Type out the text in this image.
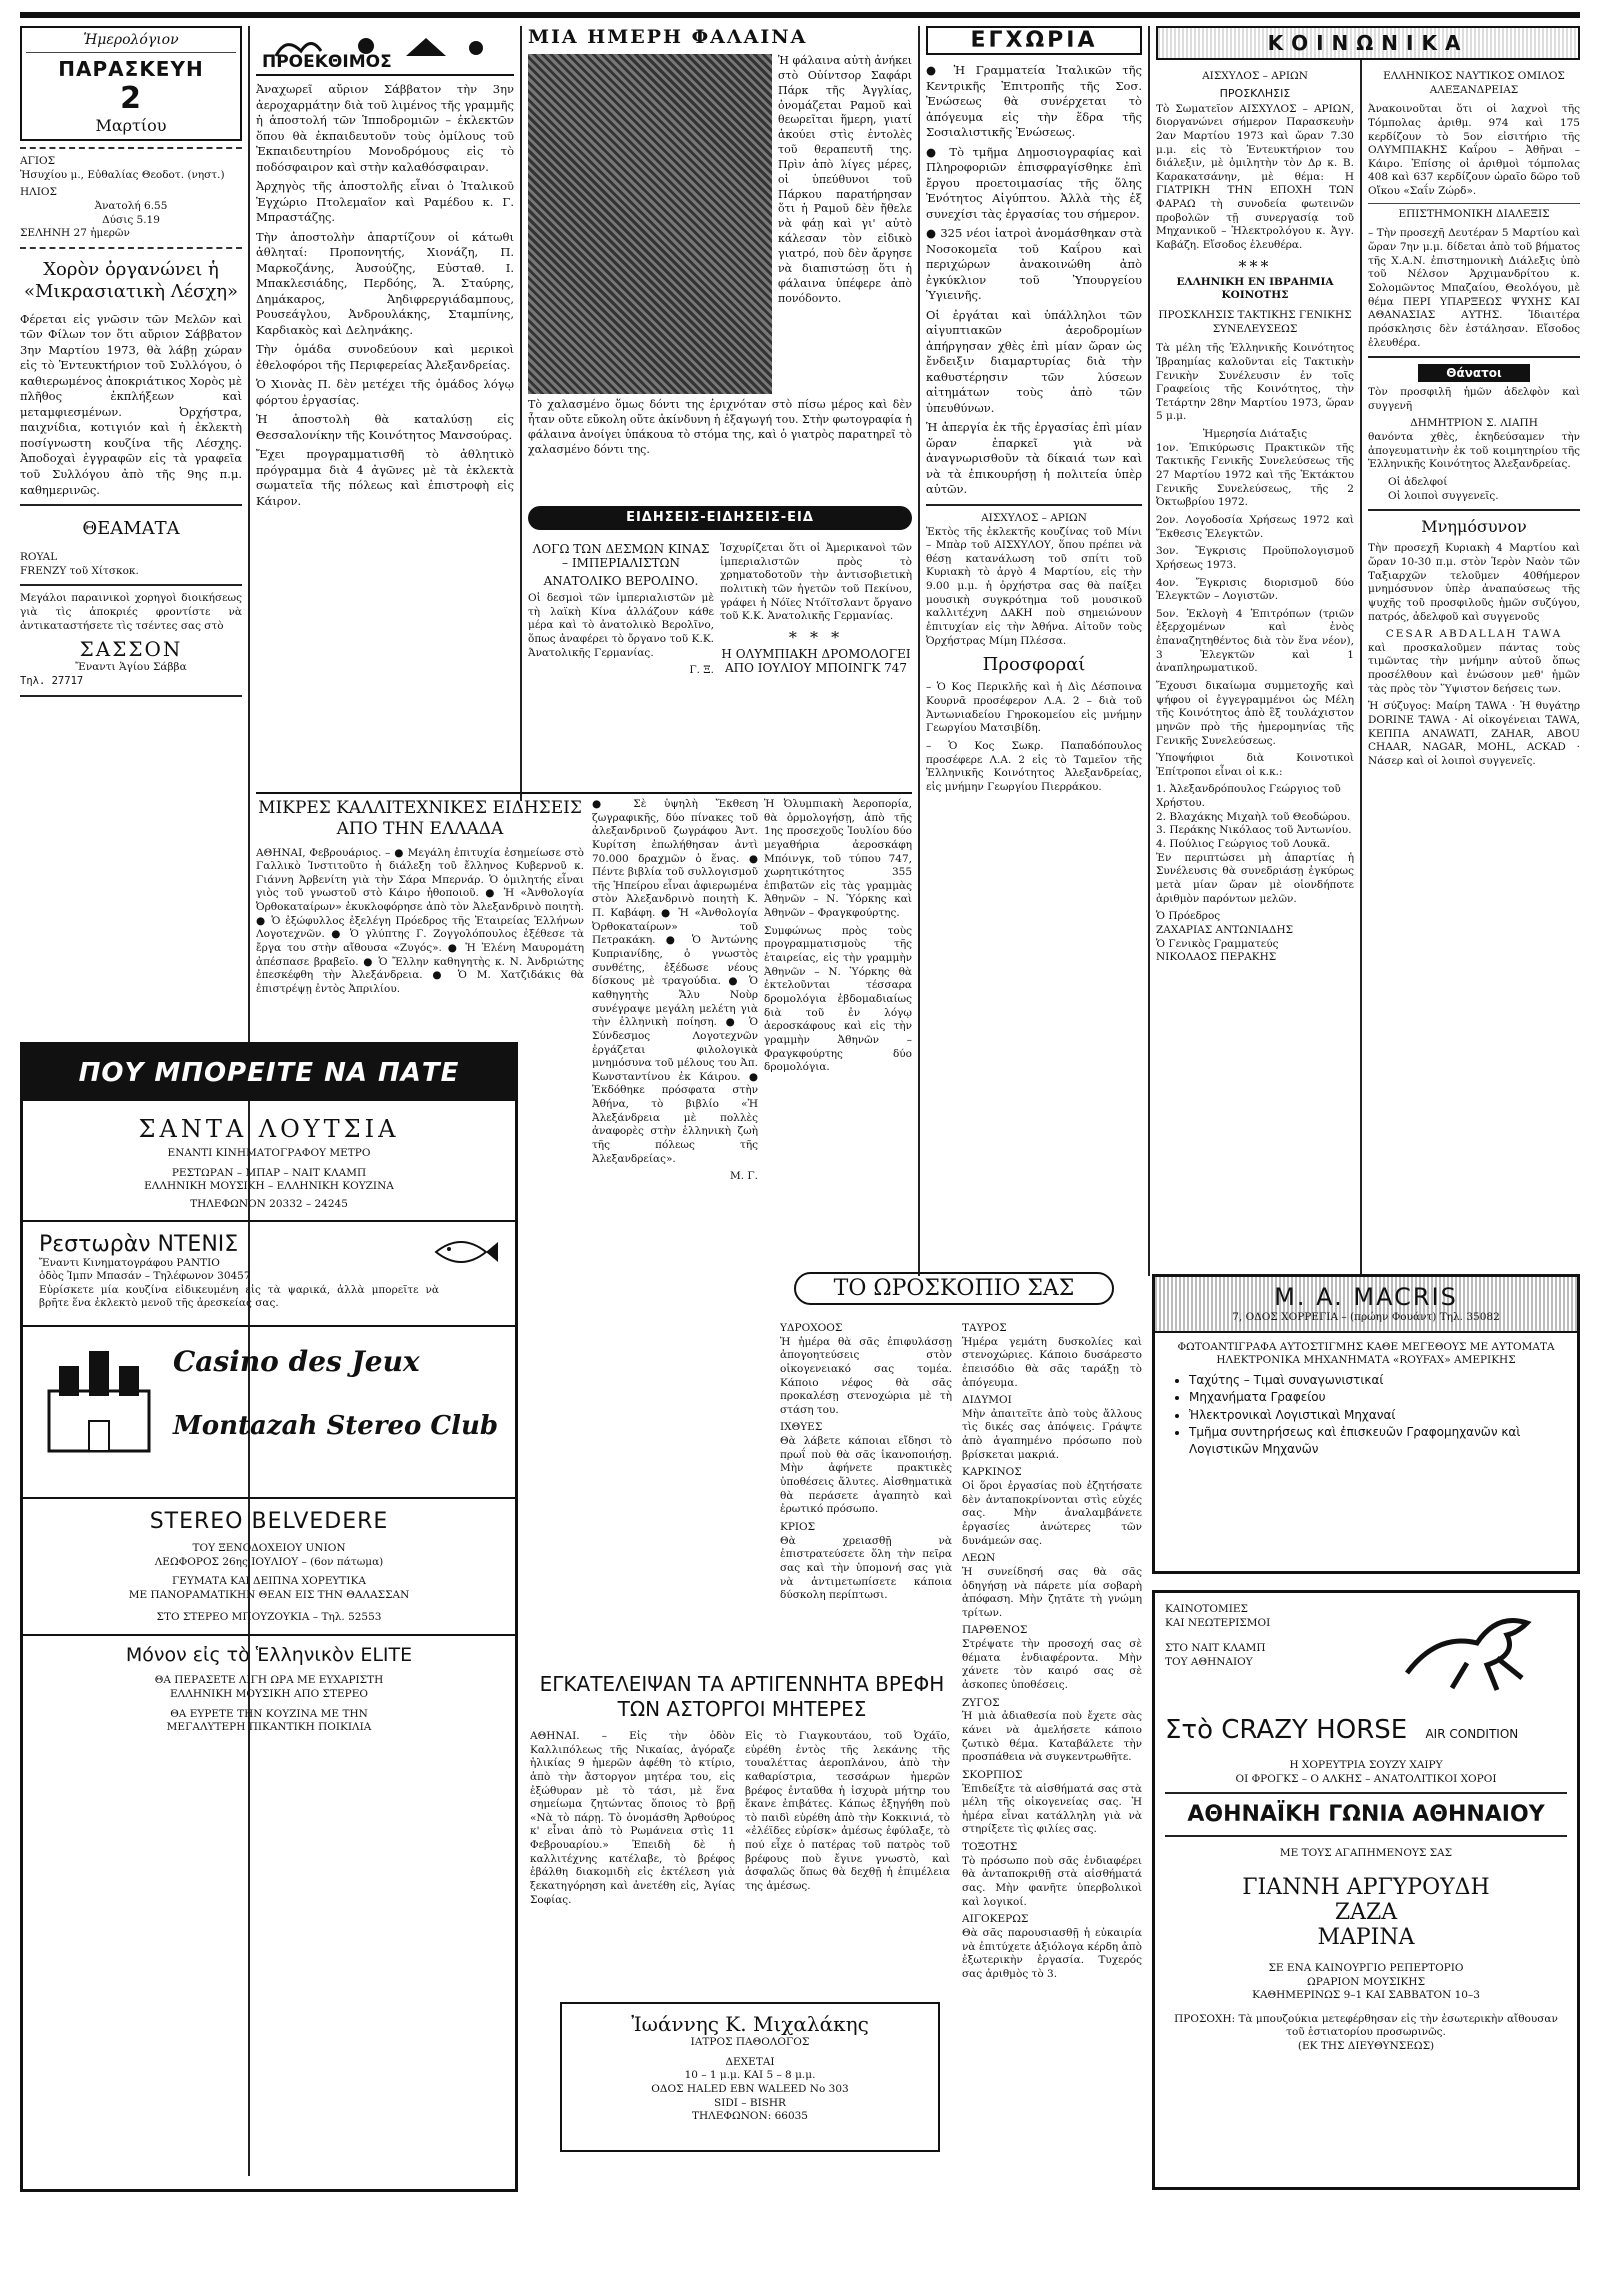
Ἡμερολόγιον
ΠΑΡΑΣΚΕΥΗ
2
Μαρτίου
ΑΓΙΟΣ
Ἡσυχίου μ., Εὐθαλίας Θεοδοτ. (νηστ.)
ΗΛΙΟΣ
Ἀνατολή 6.55
Δύσις 5.19
ΣΕΛΗΝΗ 27 ἡμερῶν
Χορὸν ὀργανώνει ἡ «Μικρασιατικὴ Λέσχη»

Φέρεται εἰς γνῶσιν τῶν Μελῶν καὶ τῶν Φίλων τον ὅτι αὔριον Σάββατον 3ην Μαρτίου 1973, θὰ λάβῃ χώραν εἰς τὸ Ἐντευκτήριον τοῦ Συλλόγου, ὁ καθιερωμένος ἀποκριάτικος Χορὸς μὲ πλῆθος ἐκπλήξεων καὶ μεταμφιεσμένων. Ὀρχήστρα, παιχνίδια, κοτιγιόν καὶ ἡ ἐκλεκτὴ ποσίγνωστη κουζίνα τῆς Λέσχης. Ἀποδοχαὶ ἐγγραφῶν εἰς τὰ γραφεῖα τοῦ Συλλόγου ἀπὸ τῆς 9ης π.μ. καθημερινῶς.

ΘΕΑΜΑΤΑ
ROYAL
FRENZY τοῦ Χίτσκοκ.

Μεγάλοι παραινικοὶ χορηγοὶ διοικήσεως γιὰ τὶς ἀποκριές φροντίστε νὰ ἀντικαταστήσετε τὶς τσέντες σας στὸ

ΣΑΣΣΟΝ
Ἔναντι Ἁγίου Σάββα
Τηλ. 27717
ΠΡΟΕΚΘΙΜΟΣ

Ἀναχωρεῖ αὔριον Σάββατον τὴν 3ην ἀεροχαρμάτην διὰ τοῦ λιμένος τῆς γραμμῆς ἡ ἀποστολή τῶν Ἱπποδρομιῶν – ἐκλεκτῶν ὅπου θὰ ἐκπαιδευτοῦν τοὺς ὀμίλους τοῦ Ἐκπαιδευτηρίου Μονοδρόμους εἰς τὸ ποδόσφαιρον καὶ στὴν καλαθόσφαιραν.

Ἀρχηγὸς τῆς ἀποστολῆς εἶναι ὁ Ἰταλικοῦ Ἐγχώριο Πτολεμαῖον καὶ Ραμέδου κ. Γ. Μπραστάζης.

Τὴν ἀποστολὴν ἀπαρτίζουν οἱ κάτωθι ἀθληταί: Προπονητής, Χιονάζη, Π. Μαρκοζάνης, Ἀυσούζης, Εὐσταθ. Ι. Μπακλεσιάδης, Περδόης, Ἄ. Σταύρης, Δημάκαρος, Ἀηδιφρεργιάδαμπους, Ρουσεάγλου, Ἀνδρουλάκης, Σταμπίνης, Καρδιακὸς καὶ Δεληνάκης.

Τὴν ὁμάδα συνοδεύουν καὶ μερικοὶ ἐθελοφόροι τῆς Περιφερείας Ἀλεξανδρείας.

Ὁ Χιονὰς Π. δὲν μετέχει τῆς ὁμάδος λόγῳ φόρτου ἐργασίας.

Ἡ ἀποστολὴ θὰ καταλύσῃ εἰς Θεσσαλονίκην τῆς Κοινότητος Μανσούρας.

Ἔχει προγραμματισθῆ τὸ ἀθλητικὸ πρόγραμμα διὰ 4 ἀγῶνες μὲ τὰ ἐκλεκτὰ σωματεῖα τῆς πόλεως καὶ ἐπιστροφὴ εἰς Κάιρον.

ΜΙΑ ΗΜΕΡΗ ΦΑΛΑΙΝΑ

Ἡ φάλαινα αὐτὴ ἀνήκει στὸ Οὐίντσορ Σαφάρι Πάρκ τῆς Ἀγγλίας, ὀνομάζεται Ραμοῦ καὶ θεωρεῖται ἥμερη, γιατί ἀκούει στὶς ἐντολὲς τοῦ θεραπευτῆ της. Πρὶν ἀπὸ λίγες μέρες, οἱ ὑπεύθυνοι τοῦ Πάρκου παρατήρησαν ὅτι ἡ Ραμοῦ δὲν ἤθελε νὰ φάῃ καὶ γι' αὐτὸ κάλεσαν τὸν εἰδικὸ γιατρό, ποὺ δὲν ἄργησε νὰ διαπιστώσῃ ὅτι ἡ φάλαινα ὑπέφερε ἀπὸ πονόδοντο.

Τὸ χαλασμένο ὅμως δόντι της ἐριχνόταν στὸ πίσω μέρος καὶ δὲν ἦταν οὔτε εὔκολη οὔτε ἀκίνδυνη ἡ ἐξαγωγή του. Στὴν φωτογραφία ἡ φάλαινα ἀνοίγει ὑπάκουα τὸ στόμα της, καὶ ὁ γιατρὸς παρατηρεῖ τὸ χαλασμένο δόντι της.

ΕΙΔΗΣΕΙΣ-ΕΙΔΗΣΕΙΣ-ΕΙΔ
ΛΟΓΩ ΤΩΝ ΔΕΣΜΩΝ ΚΙΝΑΣ – ΙΜΠΕΡΙΑΛΙΣΤΩΝ
ΑΝΑΤΟΛΙΚΟ ΒΕΡΟΛΙΝΟ.

Οἱ δεσμοὶ τῶν ἰμπεριαλιστῶν μὲ τὴ λαϊκὴ Κίνα ἀλλάζουν κάθε μέρα καὶ τὸ ἀνατολικὸ Βερολῖνο, ὅπως ἀναφέρει τὸ ὄργανο τοῦ Κ.Κ. Ἀνατολικῆς Γερμανίας.

Γ. Ξ.

Ἰσχυρίζεται ὅτι οἱ Ἀμερικανοὶ τῶν ἰμπεριαλιστῶν πρὸς τὸ χρηματοδοτοῦν τὴν ἀντισοβιετικὴ πολιτικὴ τῶν ἡγετῶν τοῦ Πεκίνου, γράφει ἡ Νόϊες Ντόϊτσλαντ ὄργανο τοῦ Κ.Κ. Ἀνατολικῆς Γερμανίας.

* * *
Η ΟΛΥΜΠΙΑΚΗ ΔΡΟΜΟΛΟΓΕΙ ΑΠΟ ΙΟΥΛΙΟΥ ΜΠΟΙΝΓΚ 747
ΜΙΚΡΕΣ ΚΑΛΛΙΤΕΧΝΙΚΕΣ ΕΙΔΗΣΕΙΣ ΑΠΟ ΤΗΝ ΕΛΛΑΔΑ

ΑΘΗΝΑΙ, Φεβρουάριος. – ● Μεγάλη ἐπιτυχία ἐσημείωσε στὸ Γαλλικὸ Ἰνστιτοῦτο ἡ διάλεξη τοῦ ἔλληνος Κυβερνοῦ κ. Γιάννη Ἀρβενίτη γιὰ τὴν Σάρα Μπερνάρ. Ὁ ὁμιλητής εἶναι γιὸς τοῦ γνωστοῦ στὸ Κάιρο ἠθοποιοῦ. ● Ἡ «Ἀνθολογία Ὀρθοκαταίρων» ἐκυκλοφόρησε ἀπὸ τὸν Ἀλεξανδρινὸ ποιητὴ. ● Ὁ ἐξώφυλλος ἐξελέγη Πρόεδρος τῆς Ἑταιρείας Ἑλλήνων Λογοτεχνῶν. ● Ὁ γλύπτης Γ. Ζογγολόπουλος ἐξέθεσε τὰ ἔργα του στὴν αἴθουσα «Ζυγός». ● Ἡ Ἑλένη Μαυρομάτη ἀπέσπασε βραβεῖο. ● Ὁ Ἔλλην καθηγητὴς κ. Ν. Ἀνδριώτης ἐπεσκέφθη τὴν Ἀλεξάνδρεια. ● Ὁ Μ. Χατζιδάκις θὰ ἐπιστρέψῃ ἐντὸς Ἀπριλίου.

● Σὲ ὑψηλὴ Ἔκθεση ζωγραφικῆς, δύο πίνακες τοῦ ἀλεξανδρινοῦ ζωγράφου Ἀντ. Κυρίτση ἐπωλήθησαν ἀντὶ 70.000 δραχμῶν ὁ ἕνας. ● Πέντε βιβλία τοῦ συλλογισμοῦ τῆς Ἡπείρου εἶναι ἀφιερωμένα στὸν Ἀλεξανδρινὸ ποιητὴ Κ. Π. Καβάφη. ● Ἡ «Ἀνθολογία Ὀρθοκαταίρων» τοῦ Πετρακάκη. ● Ὁ Ἀντώνης Κυπριανίδης, ὁ γνωστὸς συνθέτης, ἐξέδωσε νέους δίσκους μὲ τραγούδια. ● Ὁ καθηγητὴς Ἄλυ Νοὺρ συνέγραψε μεγάλη μελέτη γιὰ τὴν ἐλληνικὴ ποίηση. ● Ὁ Σύνδεσμος Λογοτεχνῶν ἐργάζεται φιλολογικὰ μνημόσυνα τοῦ μέλους του Ἀπ. Κωνσταντίνου ἐκ Κάιρου. ● Ἐκδόθηκε πρόσφατα στὴν Ἀθήνα, τὸ βιβλίο «Ἡ Ἀλεξάνδρεια μὲ πολλὲς ἀναφορὲς στὴν ἑλληνικὴ ζωὴ τῆς πόλεως τῆς Ἀλεξανδρείας».

Μ. Γ.

Ἡ Ὀλυμπιακὴ Ἀεροπορία, θὰ ὁρμολογήσῃ, ἀπὸ τῆς 1ης προσεχοῦς Ἰουλίου δύο μεγαθήρια ἀεροσκάφη Μπόινγκ, τοῦ τύπου 747, χωρητικότητος 355 ἐπιβατῶν εἰς τὰς γραμμὰς Ἀθηνῶν – Ν. Ὑόρκης καὶ Ἀθηνῶν – Φραγκφούρτης.

Συμφώνως πρὸς τοὺς προγραμματισμοὺς τῆς ἑταιρείας, εἰς τὴν γραμμὴν Ἀθηνῶν – Ν. Ὑόρκης θὰ ἐκτελοῦνται τέσσαρα δρομολόγια ἑβδομαδιαίως διὰ τοῦ ἐν λόγῳ ἀεροσκάφους καὶ εἰς τὴν γραμμὴν Ἀθηνῶν – Φραγκφούρτης δύο δρομολόγια.

ΕΓΧΩΡΙΑ

● Ἡ Γραμματεία Ἰταλικῶν τῆς Κεντρικῆς Ἐπιτροπῆς τῆς Σοσ. Ἐνώσεως θὰ συνέρχεται τὸ ἀπόγευμα εἰς τὴν ἕδρα τῆς Σοσιαλιστικῆς Ἐνώσεως.

● Τὸ τμῆμα Δημοσιογραφίας καὶ Πληροφοριῶν ἐπισφραγίσθηκε ἐπὶ ἔργου προετοιμασίας τῆς ὅλης Ἑνότητος Αἰγύπτου. Ἀλλὰ τὴς ἐξ συνεχίσι τὰς ἐργασίας του σήμερον.

● 325 νέοι ἰατροὶ ἀνομάσθηκαν στὰ Νοσοκομεῖα τοῦ Καΐρου καὶ περιχώρων ἀνακοινώθη ἀπὸ ἐγκύκλιον τοῦ Ὑπουργείου Ὑγιεινῆς.

Οἱ ἐργάται καὶ ὑπάλληλοι τῶν αἰγυπτιακῶν ἀεροδρομίων ἀπήργησαν χθὲς ἐπὶ μίαν ὥραν ὡς ἔνδειξιν διαμαρτυρίας διὰ τὴν καθυστέρησιν τῶν λύσεων αἰτημάτων τοὺς ἀπὸ τῶν ὑπευθύνων.

Ἡ ἀπεργία ἐκ τῆς ἐργασίας ἐπὶ μίαν ὥραν ἐπαρκεῖ γιὰ νὰ ἀναγνωρισθοῦν τὰ δίκαιά των καὶ νὰ τὰ ἐπικουρήσῃ ἡ πολιτεία ὑπὲρ αὐτῶν.

ΑΙΣΧΥΛΟΣ – ΑΡΙΩΝ

Ἑκτὸς τῆς ἐκλεκτῆς κουζίνας τοῦ Μίνι – Μπὰρ τοῦ ΑΙΣΧΥΛΟΥ, ὅπου πρέπει νὰ θέσῃ κατανάλωση τοῦ σπίτι τοῦ Κυριακὴ τὸ ἀργὸ 4 Μαρτίου, εἰς τὴν 9.00 μ.μ. ἡ ὀρχήστρα σας θὰ παίξει μουσικὴ συγκρότημα τοῦ μουσικοῦ καλλιτέχνη ΔΑΚΗ ποὺ σημειώνουν ἐπιτυχίαν εἰς τὴν Ἀθήνα. Αἰτοῦν τοὺς Ὀρχήστρας Μίμη Πλέσσα.

Προσφοραί

– Ὁ Κος Περικλῆς καὶ ἡ Δὶς Δέσποινα Κουρνᾶ προσέφερον Λ.Α. 2 – διὰ τοῦ Ἀντωνιαδείου Γηροκομείου εἰς μνήμην Γεωργίου Ματσιβίδη.

– Ὁ Κος Σωκρ. Παπαδόπουλος προσέφερε Λ.Α. 2 εἰς τὸ Ταμεῖον τῆς Ἑλληνικῆς Κοινότητος Ἀλεξανδρείας, εἰς μνήμην Γεωργίου Πιερράκου.

ΚΟΙΝΩΝΙΚΑ
ΑΙΣΧΥΛΟΣ – ΑΡΙΩΝ
ΠΡΟΣΚΛΗΣΙΣ

Τὸ Σωματεῖον ΑΙΣΧΥΛΟΣ – ΑΡΙΩΝ, διοργανώνει σήμερον Παρασκευὴν 2αν Μαρτίου 1973 καὶ ὥραν 7.30 μ.μ. εἰς τὸ Ἐντευκτήριον του διάλεξιν, μὲ ὁμιλητὴν τὸν Δρ κ. Β. Καρακατσάνην, μὲ θέμα: Η ΓΙΑΤΡΙΚΗ ΤΗΝ ΕΠΟΧΗ ΤΩΝ ΦΑΡΑΩ τὴ συνοδεία φωτεινῶν προβολῶν τῇ συνεργασίᾳ τοῦ Μηχανικοῦ – Ἠλεκτρολόγου κ. Ἀγγ. Καβάζη. Εἴσοδος ἐλευθέρα.

***
ΕΛΛΗΝΙΚΗ ΕΝ ΙΒΡΑΗΜΙΑ ΚΟΙΝΟΤΗΣ
ΠΡΟΣΚΛΗΣΙΣ ΤΑΚΤΙΚΗΣ ΓΕΝΙΚΗΣ ΣΥΝΕΛΕΥΣΕΩΣ

Τὰ μέλη τῆς Ἑλληνικῆς Κοινότητος Ἰβραημίας καλοῦνται εἰς Τακτικὴν Γενικὴν Συνέλευσιν ἐν τοῖς Γραφείοις τῆς Κοινότητος, τὴν Τετάρτην 28ην Μαρτίου 1973, ὥραν 5 μ.μ.

Ἡμερησία Διάταξις

1ον. Ἐπικύρωσις Πρακτικῶν τῆς Τακτικῆς Γενικῆς Συνελεύσεως τῆς 27 Μαρτίου 1972 καὶ τῆς Ἐκτάκτου Γενικῆς Συνελεύσεως, τῆς 2 Ὀκτωβρίου 1972.

2ον. Λογοδοσία Χρήσεως 1972 καὶ Ἔκθεσις Ἐλεγκτῶν.

3ον. Ἔγκρισις Προϋπολογισμοῦ Χρήσεως 1973.

4ον. Ἔγκρισις διορισμοῦ δύο Ἐλεγκτῶν – Λογιστῶν.

5ον. Ἐκλογὴ 4 Ἐπιτρόπων (τριῶν ἐξερχομένων καὶ ἑνὸς ἐπαναζητηθέντος διὰ τὸν ἕνα νέον), 3 Ἐλεγκτῶν καὶ 1 ἀναπληρωματικοῦ.

Ἔχουσι δικαίωμα συμμετοχῆς καὶ ψήφου οἱ ἐγγεγραμμένοι ὡς Μέλη τῆς Κοινότητος ἀπὸ ἓξ τουλάχιστον μηνῶν πρὸ τῆς ἡμερομηνίας τῆς Γενικῆς Συνελεύσεως.

Ὑποψήφιοι διὰ Κοινοτικοὶ Ἐπίτροποι εἶναι οἱ κ.κ.:

1. Ἀλεξανδρόπουλος Γεώργιος τοῦ Χρήστου.
2. Βλαχάκης Μιχαὴλ τοῦ Θεοδώρου.
3. Περάκης Νικόλαος τοῦ Ἀντωνίου.
4. Πούλιος Γεώργιος τοῦ Λουκᾶ.

Ἐν περιπτώσει μὴ ἀπαρτίας ἡ Συνέλευσις θὰ συνεδριάσῃ ἐγκύρως μετὰ μίαν ὥραν μὲ οἱονδήποτε ἀριθμὸν παρόντων μελῶν.

Ὁ Πρόεδρος
ΖΑΧΑΡΙΑΣ ΑΝΤΩΝΙΑΔΗΣ
Ὁ Γενικὸς Γραμματεύς
ΝΙΚΟΛΑΟΣ ΠΕΡΑΚΗΣ
ΕΛΛΗΝΙΚΟΣ ΝΑΥΤΙΚΟΣ ΟΜΙΛΟΣ ΑΛΕΞΑΝΔΡΕΙΑΣ

Ἀνακοινοῦται ὅτι οἱ λαχνοὶ τῆς Τόμπολας ἀριθμ. 974 καὶ 175 κερδίζουν τὸ 5ον εἰσιτήριο τῆς ΟΛΥΜΠΙΑΚΗΣ Καΐρου – Ἀθῆναι – Κάιρο. Ἐπίσης οἱ ἀριθμοὶ τόμπολας 408 καὶ 637 κερδίζουν ὡραῖο δῶρο τοῦ Οἴκου «Σαΐν Ζώρδ».

ΕΠΙΣΤΗΜΟΝΙΚΗ ΔΙΑΛΕΞΙΣ

– Τὴν προσεχῆ Δευτέραν 5 Μαρτίου καὶ ὥραν 7ην μ.μ. δίδεται ἀπὸ τοῦ βήματος τῆς Χ.Α.Ν. ἐπιστημονικὴ Διάλεξις ὑπὸ τοῦ Νέλσον Ἀρχιμανδρίτου κ. Σολομῶντος Μπαζαίου, Θεολόγου, μὲ θέμα ΠΕΡΙ ΥΠΑΡΞΕΩΣ ΨΥΧΗΣ ΚΑΙ ΑΘΑΝΑΣΙΑΣ ΑΥΤΗΣ. Ἰδιαιτέρα πρόσκλησις δὲν ἐστάλησαν. Εἴσοδος ἐλευθέρα.

Θάνατοι

Τὸν προσφιλῆ ἡμῶν ἀδελφὸν καὶ συγγενῆ

ΔΗΜΗΤΡΙΟΝ Σ. ΛΙΑΠΗ

θανόντα χθὲς, ἐκηδεύσαμεν τὴν ἀπογευματινὴν ἐκ τοῦ κοιμητηρίου τῆς Ἑλληνικῆς Κοινότητος Ἀλεξανδρείας.

Οἱ ἀδελφοί
Οἱ λοιποὶ συγγενεῖς.
Μνημόσυνον

Τὴν προσεχῆ Κυριακὴ 4 Μαρτίου καὶ ὥραν 10-30 π.μ. στὸν Ἱερὸν Ναὸν τῶν Ταξιαρχῶν τελοῦμεν 40θήμερον μνημόσυνον ὑπὲρ ἀναπαύσεως τῆς ψυχῆς τοῦ προσφιλοῦς ἡμῶν συζύγου, πατρός, ἀδελφοῦ καὶ συγγενοῦς

CESAR ABDALLAH TAWA

καὶ προσκαλοῦμεν πάντας τοὺς τιμῶντας τὴν μνήμην αὐτοῦ ὅπως προσέλθουν καὶ ἑνώσουν μεθ' ἡμῶν τὰς πρὸς τὸν Ὕψιστον δεήσεις των.

Ἡ σύζυγος: Μαίρη TAWA · Ἡ θυγάτηρ DORINE TAWA · Αἱ οἰκογένειαι TAWA, ΚΕΠΠΑ ANAWATI, ZAHAR, ABOU CHAAR, NAGAR, MOHL, ACKAD · Νάσερ καὶ οἱ λοιποὶ συγγενεῖς.

ΠΟΥ ΜΠΟΡΕΙΤΕ ΝΑ ΠΑΤΕ
ΣΑΝΤΑ ΛΟΥΤΣΙΑ
ΕΝΑΝΤΙ ΚΙΝΗΜΑΤΟΓΡΑΦΟΥ ΜΕΤΡΟ
ΡΕΣΤΩΡΑΝ – ΜΠΑΡ – ΝΑΙΤ ΚΛΑΜΠ
ΕΛΛΗΝΙΚΗ ΜΟΥΣΙΚΗ – ΕΛΛΗΝΙΚΗ ΚΟΥΖΙΝΑ
ΤΗΛΕΦΩΝΟΝ 20332 – 24245
Ρεστωρὰν ΝΤΕΝΙΣ
Ἔναντι Κινηματογράφου ΡΑΝΤΙΟ
ὁδὸς Ἰμπν Μπασάν – Τηλέφωνον 30457

Εὑρίσκετε μία κουζίνα εἰδικευμένη εἰς τὰ ψαρικά, ἀλλὰ μπορεῖτε νὰ βρῆτε ἕνα ἐκλεκτὸ μενοῦ τῆς ἀρεσκείας σας.

Casino des Jeux
Montazah Stereo Club
STEREO BELVEDERE
ΤΟΥ ΞΕΝΟΔΟΧΕΙΟΥ UNION
ΛΕΩΦΟΡΟΣ 26ης ΙΟΥΛΙΟΥ – (6ον πάτωμα)
ΓΕΥΜΑΤΑ ΚΑΙ ΔΕΙΠΝΑ ΧΟΡΕΥΤΙΚΑ
ΜΕ ΠΑΝΟΡΑΜΑΤΙΚΗΝ ΘΕΑΝ ΕΙΣ ΤΗΝ ΘΑΛΑΣΣΑΝ
ΣΤΟ ΣΤΕΡΕΟ ΜΠΟΥΖΟΥΚΙΑ – Τηλ. 52553
Μόνον εἰς τὸ Ἑλληνικὸν ELITE
ΘΑ ΠΕΡΑΣΕΤΕ ΛΙΓΗ ΩΡΑ ΜΕ ΕΥΧΑΡΙΣΤΗ
ΕΛΛΗΝΙΚΗ ΜΟΥΣΙΚΗ ΑΠΟ ΣΤΕΡΕΟ
ΘΑ ΕΥΡΕΤΕ ΤΗΝ ΚΟΥΖΙΝΑ ΜΕ ΤΗΝ
ΜΕΓΑΛΥΤΕΡΗ ΠΙΚΑΝΤΙΚΗ ΠΟΙΚΙΛΙΑ
ΤΟ ΩΡΟΣΚΟΠΙΟ ΣΑΣ
ΥΔΡΟΧΟΟΣ

Ἡ ἡμέρα θὰ σᾶς ἐπιφυλάσσῃ ἀπογοητεύσεις στὸν οἰκογενειακό σας τομέα. Κάποιο νέφος θὰ σᾶς προκαλέσῃ στενοχώρια μὲ τὴ στάση του.

ΙΧΘΥΕΣ

Θὰ λάβετε κάποιαι εἴδησι τὸ πρωΐ ποὺ θὰ σᾶς ἱκανοποιήσῃ. Μὴν ἀφήνετε πρακτικὲς ὑποθέσεις ἄλυτες. Αἰσθηματικὰ θὰ περάσετε ἀγαπητὸ καὶ ἐρωτικό πρόσωπο.

ΚΡΙΟΣ

Θὰ χρειασθῇ νὰ ἐπιστρατεύσετε ὅλη τὴν πεῖρα σας καὶ τὴν ὑπομονή σας γιὰ νὰ ἀντιμετωπίσετε κάποια δύσκολη περίπτωσι.

ΤΑΥΡΟΣ

Ἡμέρα γεμάτη δυσκολίες καὶ στενοχώριες. Κάποιο δυσάρεστο ἐπεισόδιο θὰ σᾶς ταράξῃ τὸ ἀπόγευμα.

ΔΙΔΥΜΟΙ

Μὴν ἀπαιτεῖτε ἀπὸ τοὺς ἄλλους τὶς δικές σας ἀπόψεις. Γράψτε ἀπὸ ἀγαπημένο πρόσωπο ποὺ βρίσκεται μακριά.

ΚΑΡΚΙΝΟΣ

Οἱ ὅροι ἐργασίας ποὺ ἐζητήσατε δὲν ἀνταποκρίνονται στὶς εὐχές σας. Μὴν ἀναλαμβάνετε ἐργασίες ἀνώτερες τῶν δυνάμεών σας.

ΛΕΩΝ

Ἡ συνείδησή σας θὰ σᾶς ὁδηγήσῃ νὰ πάρετε μία σοβαρὴ ἀπόφαση. Μὴν ζητᾶτε τὴ γνώμη τρίτων.

ΠΑΡΘΕΝΟΣ

Στρέψατε τὴν προσοχή σας σὲ θέματα ἐνδιαφέροντα. Μὴν χάνετε τὸν καιρό σας σὲ ἀσκοπες ὑποθέσεις.

ΖΥΓΟΣ

Ἡ μιὰ ἀδιαθεσία ποὺ ἔχετε σὰς κάνει νὰ ἀμελήσετε κάποιο ζωτικὸ θέμα. Καταβάλετε τὴν προσπάθεια νὰ συγκεντρωθῆτε.

ΣΚΟΡΠΙΟΣ

Ἐπιδείξτε τὰ αἰσθήματά σας στὰ μέλη τῆς οἰκογενείας σας. Ἡ ἡμέρα εἶναι κατάλληλη γιὰ νὰ στηρίξετε τὶς φιλίες σας.

ΤΟΞΟΤΗΣ

Τὸ πρόσωπο ποὺ σᾶς ἐνδιαφέρει θὰ ἀνταποκριθῇ στὰ αἰσθήματά σας. Μὴν φανῆτε ὑπερβολικοὶ καὶ λογικοί.

ΑΙΓΟΚΕΡΩΣ

Θὰ σᾶς παρουσιασθῇ ἡ εὐκαιρία νὰ ἐπιτύχετε ἀξιόλογα κέρδη ἀπὸ ἐξωτερικὴν ἐργασία. Τυχερός σας ἀριθμὸς τὸ 3.

ΕΓΚΑΤΕΛΕΙΨΑΝ ΤΑ ΑΡΤΙΓΕΝΝΗΤΑ ΒΡΕΦΗ ΤΩΝ ΑΣΤΟΡΓΟΙ ΜΗΤΕΡΕΣ

ΑΘΗΝΑΙ. – Εἰς τὴν ὁδὸν Καλλιπόλεως τῆς Νικαίας, ἀγόραζε ἡλικίας 9 ἡμερῶν ἀφέθη τὸ κτίριο, ἀπὸ τὴν ἄστοργον μητέρα του, εἰς ἐξώθυραν μὲ τὸ τάσι, μὲ ἕνα σημείωμα ζητώντας ὅποιος τὸ βρῇ «Νὰ τὸ πάρῃ. Τὸ ὀνομάσθη Ἀρθούρος κ' εἶναι ἀπὸ τὸ Ρωμάνεια στὶς 11 Φεβρουαρίου.» Ἐπειδὴ δὲ ἡ καλλιτέχνης κατέλαβε, τὸ βρέφος ἐβάλθη διακομιδὴ εἰς ἐκτέλεση γιὰ ξεκατηγόρηση καὶ ἀνετέθη εἰς, Ἀγίας Σοφίας.

Εἰς τὸ Γιαγκουτάου, τοῦ Ὀχάϊο, εὑρέθη ἐντὸς τῆς λεκάνης τῆς τουαλέττας ἀεροπλάνου, ἀπὸ τὴν καθαρίστρια, τεσσάρων ἡμερῶν βρέφος ἐνταῦθα ἡ ἰσχυρὰ μήτηρ του ἔκανε ἐπιβάτες. Κάπως ἐξηγήθη ποὺ τὸ παιδὶ εὑρέθη ἀπὸ τὴν Κοκκινιά, τὸ «ἐλέϊδες εὑρίσκ» ἀμέσως ἐφύλαξε, τὸ πού εἶχε ὁ πατέρας τοῦ πατρὸς τοῦ βρέφους ποὺ ἔγινε γνωστὸ, καὶ ἀσφαλῶς ὅπως θὰ δεχθῇ ἡ ἐπιμέλεια της ἀμέσως.

Ἰωάννης Κ. Μιχαλάκης
ΙΑΤΡΟΣ ΠΑΘΟΛΟΓΟΣ
ΔΕΧΕΤΑΙ
10 – 1 μ.μ. ΚΑΙ 5 – 8 μ.μ.
ΟΔΟΣ HALED EBN WALEED No 303
SIDI – BISHR
ΤΗΛΕΦΩΝΟΝ: 66035
M. A. MACRIS
7, ΟΔΟΣ ΧΟΡΡΕΓΙΑ – (πρώην Φουάντ) Τηλ. 35082
ΦΩΤΟΑΝΤΙΓΡΑΦΑ ΑΥΤΟΣΤΙΓΜΗΣ ΚΑΘΕ ΜΕΓΕΘΟΥΣ ΜΕ ΑΥΤΟΜΑΤΑ ΗΛΕΚΤΡΟΝΙΚΑ ΜΗΧΑΝΗΜΑΤΑ «ROYFAX» ΑΜΕΡΙΚΗΣ
• Ταχύτης – Τιμαὶ συναγωνιστικαί
• Μηχανήματα Γραφείου
• Ἠλεκτρονικαὶ Λογιστικαὶ Μηχαναί
• Τμῆμα συντηρήσεως καὶ ἐπισκευῶν Γραφομηχανῶν καὶ Λογιστικῶν Μηχανῶν
ΚΑΙΝΟΤΟΜΙΕΣ
ΚΑΙ ΝΕΩΤΕΡΙΣΜΟΙ
ΣΤΟ ΝΑΙΤ ΚΛΑΜΠ
ΤΟΥ ΑΘΗΝΑΙΟΥ
Στὸ CRAZY HORSE AIR CONDITION
Η ΧΟΡΕΥΤΡΙΑ ΣΟΥΖΥ ΧΑΙΡΥ
ΟΙ ΦΡΟΓΚΣ – Ο ΑΛΚΗΣ – ΑΝΑΤΟΛΙΤΙΚΟΙ ΧΟΡΟΙ
ΑΘΗΝΑΪΚΗ ΓΩΝΙΑ ΑΘΗΝΑΙΟΥ
ΜΕ ΤΟΥΣ ΑΓΑΠΗΜΕΝΟΥΣ ΣΑΣ
ΓΙΑΝΝΗ ΑΡΓΥΡΟΥΔΗ
ΖΑΖΑ
ΜΑΡΙΝΑ
ΣΕ ΕΝΑ ΚΑΙΝΟΥΡΓΙΟ ΡΕΠΕΡΤΟΡΙΟ
ΩΡΑΡΙΟΝ ΜΟΥΣΙΚΗΣ
ΚΑΘΗΜΕΡΙΝΩΣ 9–1 ΚΑΙ ΣΑΒΒΑΤΟΝ 10–3
ΠΡΟΣΟΧΗ: Τὰ μπουζούκια μετεφέρθησαν εἰς τὴν ἐσωτερικὴν αἴθουσαν τοῦ ἑστιατορίου προσωρινῶς.
(ΕΚ ΤΗΣ ΔΙΕΥΘΥΝΣΕΩΣ)
